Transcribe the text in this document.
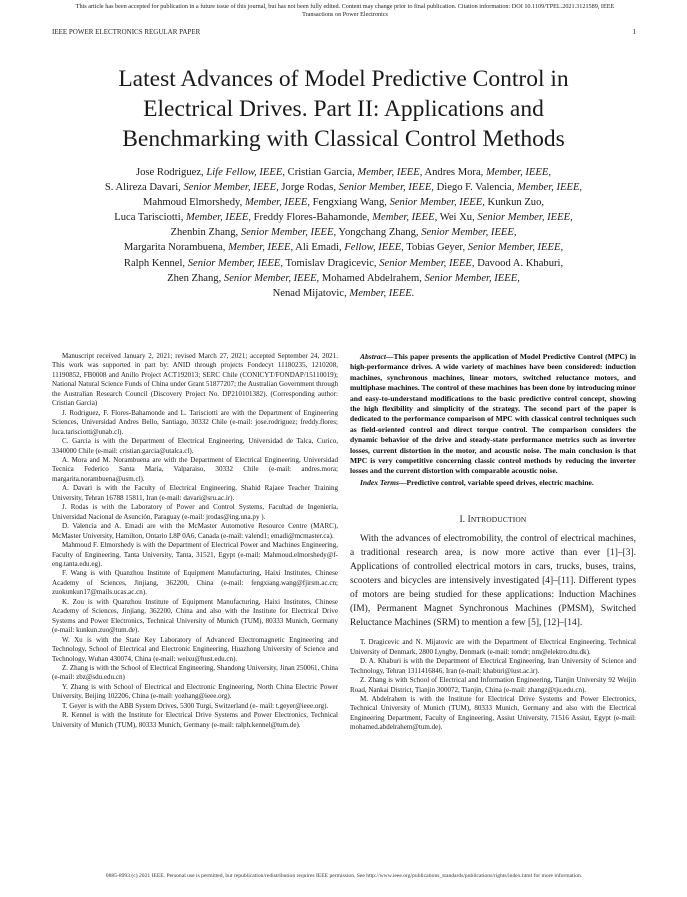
This article has been accepted for publication in a future issue of this journal, but has not been fully edited. Content may change prior to final publication. Citation information: DOI 10.1109/TPEL.2021.3121589, IEEE
Transactions on Power Electronics
IEEE POWER ELECTRONICS REGULAR PAPER	1
Latest Advances of Model Predictive Control in
Electrical Drives. Part II: Applications and
Benchmarking with Classical Control Methods
Jose Rodriguez, Life Fellow, IEEE, Cristian Garcia, Member, IEEE, Andres Mora, Member, IEEE,
S. Alireza Davari, Senior Member, IEEE, Jorge Rodas, Senior Member, IEEE, Diego F. Valencia, Member, IEEE,
Mahmoud Elmorshedy, Member, IEEE, Fengxiang Wang, Senior Member, IEEE, Kunkun Zuo,
Luca Tarisciotti, Member, IEEE, Freddy Flores-Bahamonde, Member, IEEE, Wei Xu, Senior Member, IEEE,
Zhenbin Zhang, Senior Member, IEEE, Yongchang Zhang, Senior Member, IEEE,
Margarita Norambuena, Member, IEEE, Ali Emadi, Fellow, IEEE, Tobias Geyer, Senior Member, IEEE,
Ralph Kennel, Senior Member, IEEE, Tomislav Dragicevic, Senior Member, IEEE, Davood A. Khaburi,
Zhen Zhang, Senior Member, IEEE, Mohamed Abdelrahem, Senior Member, IEEE,
Nenad Mijatovic, Member, IEEE.

Manuscript received January 2, 2021; revised March 27, 2021; accepted September 24, 2021. This work was supported in part by: ANID through projects Fondecyt 11180235, 1210208, 11190852, FB0008 and Anillo Project ACT192013; SERC Chile (CONICYT/FONDAP/15110019); National Natural Science Funds of China under Grant 51877207; the Australian Government through the Australian Research Council (Discovery Project No. DP210101382). (Corresponding author: Cristian Garcia)

J. Rodriguez, F. Flores-Bahamonde and L. Tarisciotti are with the Department of Engineering Sciences, Universidad Andres Bello, Santiago, 30332 Chile (e-mail: jose.rodriguez; freddy.flores; luca.tarisciotti@unab.cl).

C. Garcia is with the Department of Electrical Engineering, Universidad de Talca, Curico, 3340000 Chile (e-mail: cristian.garcia@utalca.cl).

A. Mora and M. Norambuena are with the Department of Electrical Engineering, Universidad Tecnica Federico Santa Maria, Valparaiso, 30332 Chile (e-mail: andres.mora; margarita.norambuena@usm.cl).

A. Davari is with the Faculty of Electrical Engineering, Shahid Rajaee Teacher Training University, Tehran 16788 15811, Iran (e-mail: davari@sru.ac.ir).

J. Rodas is with the Laboratory of Power and Control Systems, Facultad de Ingeniería, Universidad Nacional de Asunción, Paraguay (e-mail: jrodas@ing.una.py ).

D. Valencia and A. Emadi are with the McMaster Automotive Resource Centre (MARC), McMaster University, Hamilton, Ontario L8P 0A6, Canada (e-mail: valend1; emadi@mcmaster.ca).

Mahmoud F. Elmorshedy is with the Department of Electrical Power and Machines Engineering, Faculty of Engineering, Tanta University, Tanta, 31521, Egypt (e-mail: Mahmoud.elmorshedy@f-eng.tanta.edu.eg).

F. Wang is with Quanzhou Institute of Equipment Manufacturing, Haixi Institutes, Chinese Academy of Sciences, Jinjiang, 362200, China (e-mail: fengxiang.wang@fjirsm.ac.cn; zuokunkun17@mails.ucas.ac.cn).

K. Zou is with Quanzhou Institute of Equipment Manufacturing, Haixi Institutes, Chinese Academy of Sciences, Jinjiang, 362200, China and also with the Institute for Electrical Drive Systems and Power Electronics, Technical University of Munich (TUM), 80333 Munich, Germany (e-mail: kunkun.zuo@tum.de).

W. Xu is with the State Key Laboratory of Advanced Electromagnetic Engineering and Technology, School of Electrical and Electronic Engineering, Huazhong University of Science and Technology, Wuhan 430074, China (e-mail: weixu@hust.edu.cn).

Z. Zhang is with the School of Electrical Engineering, Shandong University, Jinan 250061, China (e-mail: zbz@sdu.edu.cn)

Y. Zhang is with School of Electrical and Electronic Engineering, North China Electric Power University, Beijing 102206, China (e-mail: yozhang@ieee.org).

T. Geyer is with the ABB System Drives, 5300 Turgi, Switzerland (e- mail: t.geyer@ieee.org).

R. Kennel is with the Institute for Electrical Drive Systems and Power Electronics, Technical University of Munich (TUM), 80333 Munich, Germany (e-mail: ralph.kennel@tum.de).

Abstract—This paper presents the application of Model Predictive Control (MPC) in high-performance drives. A wide variety of machines have been considered: induction machines, synchronous machines, linear motors, switched reluctance motors, and multiphase machines. The control of these machines has been done by introducing minor and easy-to-understand modifications to the basic predictive control concept, showing the high flexibility and simplicity of the strategy. The second part of the paper is dedicated to the performance comparison of MPC with classical control techniques such as field-oriented control and direct torque control. The comparison considers the dynamic behavior of the drive and steady-state performance metrics such as inverter losses, current distortion in the motor, and acoustic noise. The main conclusion is that MPC is very competitive concerning classic control methods by reducing the inverter losses and the current distortion with comparable acoustic noise.

Index Terms—Predictive control, variable speed drives, electric machine.

I. INTRODUCTION

With the advances of electromobility, the control of electrical machines, a traditional research area, is now more active than ever [1]–[3]. Applications of controlled electrical motors in cars, trucks, buses, trains, scooters and bicycles are intensively investigated [4]–[11]. Different types of motors are being studied for these applications: Induction Machines (IM), Permanent Magnet Synchronous Machines (PMSM), Switched Reluctance Machines (SRM) to mention a few [5], [12]–[14].

T. Dragicevic and N. Mijatovic are with the Department of Electrical Engineering, Technical University of Denmark, 2800 Lyngby, Denmark (e-mail: tomdr; nm@elektro.dtu.dk).

D. A. Khaburi is with the Department of Electrical Engineering, Iran University of Science and Technology, Tehran 1311416846, Iran (e-mail: khaburi@iust.ac.ir).

Z. Zhang is with School of Electrical and Information Engineering, Tianjin University 92 Weijin Road, Nankai District, Tianjin 300072, Tianjin, China (e-mail: zhangz@tju.edu.cn).

M. Abdelrahem is with the Institute for Electrical Drive Systems and Power Electronics, Technical University of Munich (TUM), 80333 Munich, Germany and also with the Electrical Engineering Department, Faculty of Engineering, Assiut University, 71516 Assiut, Egypt (e-mail: mohamed.abdelrahem@tum.de).

0885-8993 (c) 2021 IEEE. Personal use is permitted, but republication/redistribution requires IEEE permission. See http://www.ieee.org/publications_standards/publications/rights/index.html for more information.
